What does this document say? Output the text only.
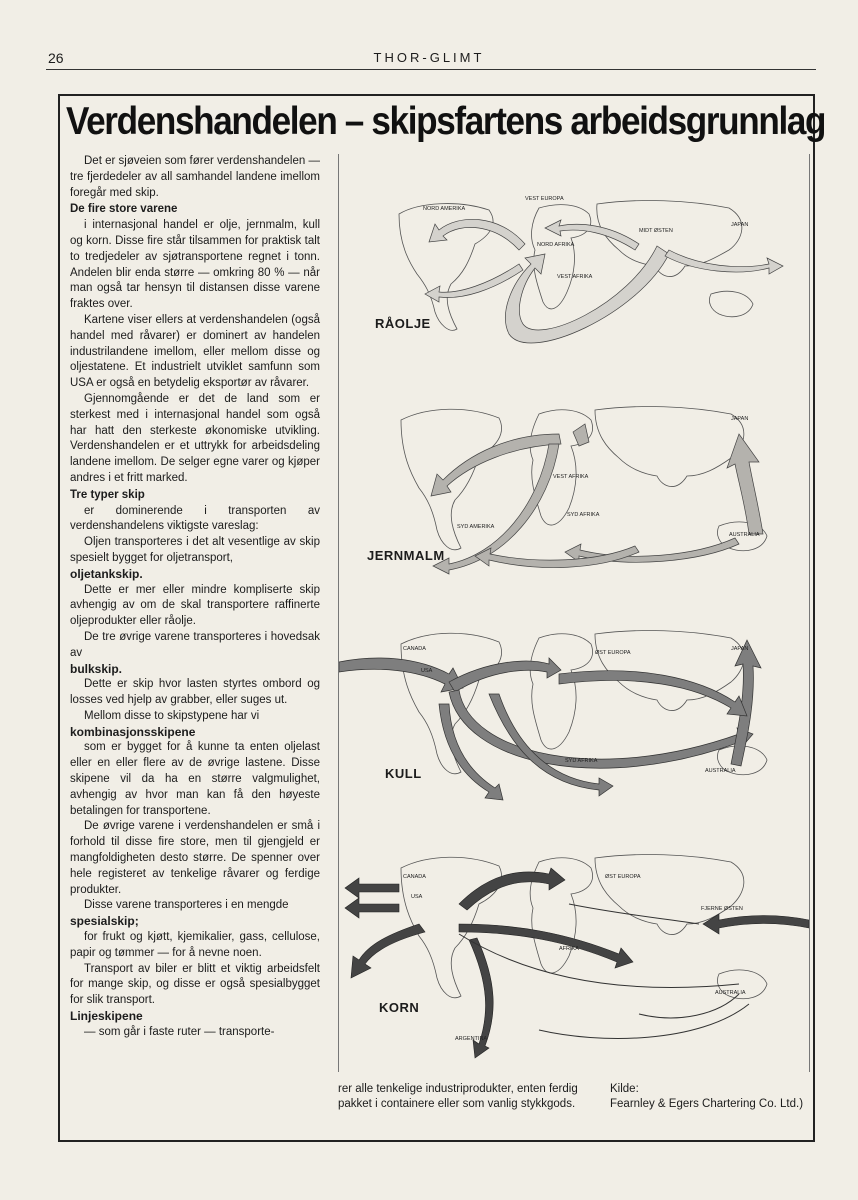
26	THOR-GLIMT
Verdenshandelen – skipsfartens arbeidsgrunnlag

Det er sjøveien som fører verdenshandelen — tre fjerdedeler av all samhandel landene imellom foregår med skip.

De fire store varene

i internasjonal handel er olje, jernmalm, kull og korn. Disse fire står tilsammen for praktisk talt to tredjedeler av sjøtransportene regnet i tonn. Andelen blir enda større — omkring 80 % — når man også tar hensyn til distansen disse varene fraktes over.

Kartene viser ellers at verdenshandelen (også handel med råvarer) er dominert av handelen industrilandene imellom, eller mellom disse og oljestatene. Et industrielt utviklet samfunn som USA er også en betydelig eksportør av råvarer.

Gjennomgående er det de land som er sterkest med i internasjonal handel som også har hatt den sterkeste økonomiske utvikling. Verdenshandelen er et uttrykk for arbeidsdeling landene imellom. De selger egne varer og kjøper andres i et fritt marked.

Tre typer skip

er dominerende i transporten av verdenshandelens viktigste vareslag:

Oljen transporteres i det alt vesentlige av skip spesielt bygget for oljetransport,

oljetankskip.

Dette er mer eller mindre kompliserte skip avhengig av om de skal transportere raffinerte oljeprodukter eller råolje.

De tre øvrige varene transporteres i hovedsak av

bulkskip.

Dette er skip hvor lasten styrtes ombord og losses ved hjelp av grabber, eller suges ut.

Mellom disse to skipstypene har vi

kombinasjonsskipene

som er bygget for å kunne ta enten oljelast eller en eller flere av de øvrige lastene. Disse skipene vil da ha en større valgmulighet, avhengig av hvor man kan få den høyeste betalingen for transportene.

De øvrige varene i verdenshandelen er små i forhold til disse fire store, men til gjengjeld er mangfoldigheten desto større. De spenner over hele registeret av tenkelige råvarer og ferdige produkter.

Disse varene transporteres i en mengde

spesialskip;

for frukt og kjøtt, kjemikalier, gass, cellulose, papir og tømmer — for å nevne noen.

Transport av biler er blitt et viktig arbeidsfelt for mange skip, og disse er også spesialbygget for slik transport.

Linjeskipene

— som går i faste ruter — transporte-

NORD AMERIKA
VEST EUROPA
MIDT ØSTEN
JAPAN
NORD AFRIKA
VEST AFRIKA
RÅOLJE
JAPAN
VEST AFRIKA
SYD AMERIKA
SYD AFRIKA
AUSTRALIA
JERNMALM
CANADA
USA
ØST EUROPA
JAPAN
SYD AFRIKA
AUSTRALIA
KULL
CANADA
USA
ØST EUROPA
FJERNE ØSTEN
AFRIKA
AUSTRALIA
ARGENTINA
KORN

rer alle tenkelige industriprodukter, enten ferdig pakket i containere eller som vanlig stykkgods.

Kilde:

Fearnley & Egers Chartering Co. Ltd.)
